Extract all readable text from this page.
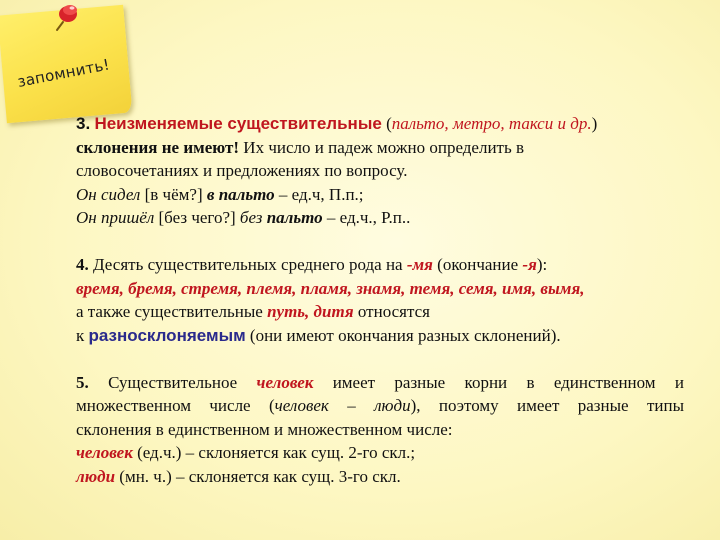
запомнить!

3. Неизменяемые существительные (пальто, метро, такси и др.)

склонения не имеют! Их число и падеж можно определить в

словосочетаниях и предложениях по вопросу.

Он сидел [в чём?] в пальто – ед.ч, П.п.;

Он пришёл [без чего?] без пальто – ед.ч., Р.п..

4. Десять существительных среднего рода на -мя (окончание -я):

время, бремя, стремя, племя, пламя, знамя, темя, семя, имя, вымя,

а также существительные путь, дитя относятся

к разносклоняемым (они имеют окончания разных склонений).

5. Существительное человек имеет разные корни в единственном и

множественном числе (человек – люди), поэтому имеет разные типы

склонения в единственном и множественном числе:

человек (ед.ч.) – склоняется как сущ. 2-го скл.;

люди (мн. ч.) – склоняется как сущ. 3-го скл.
